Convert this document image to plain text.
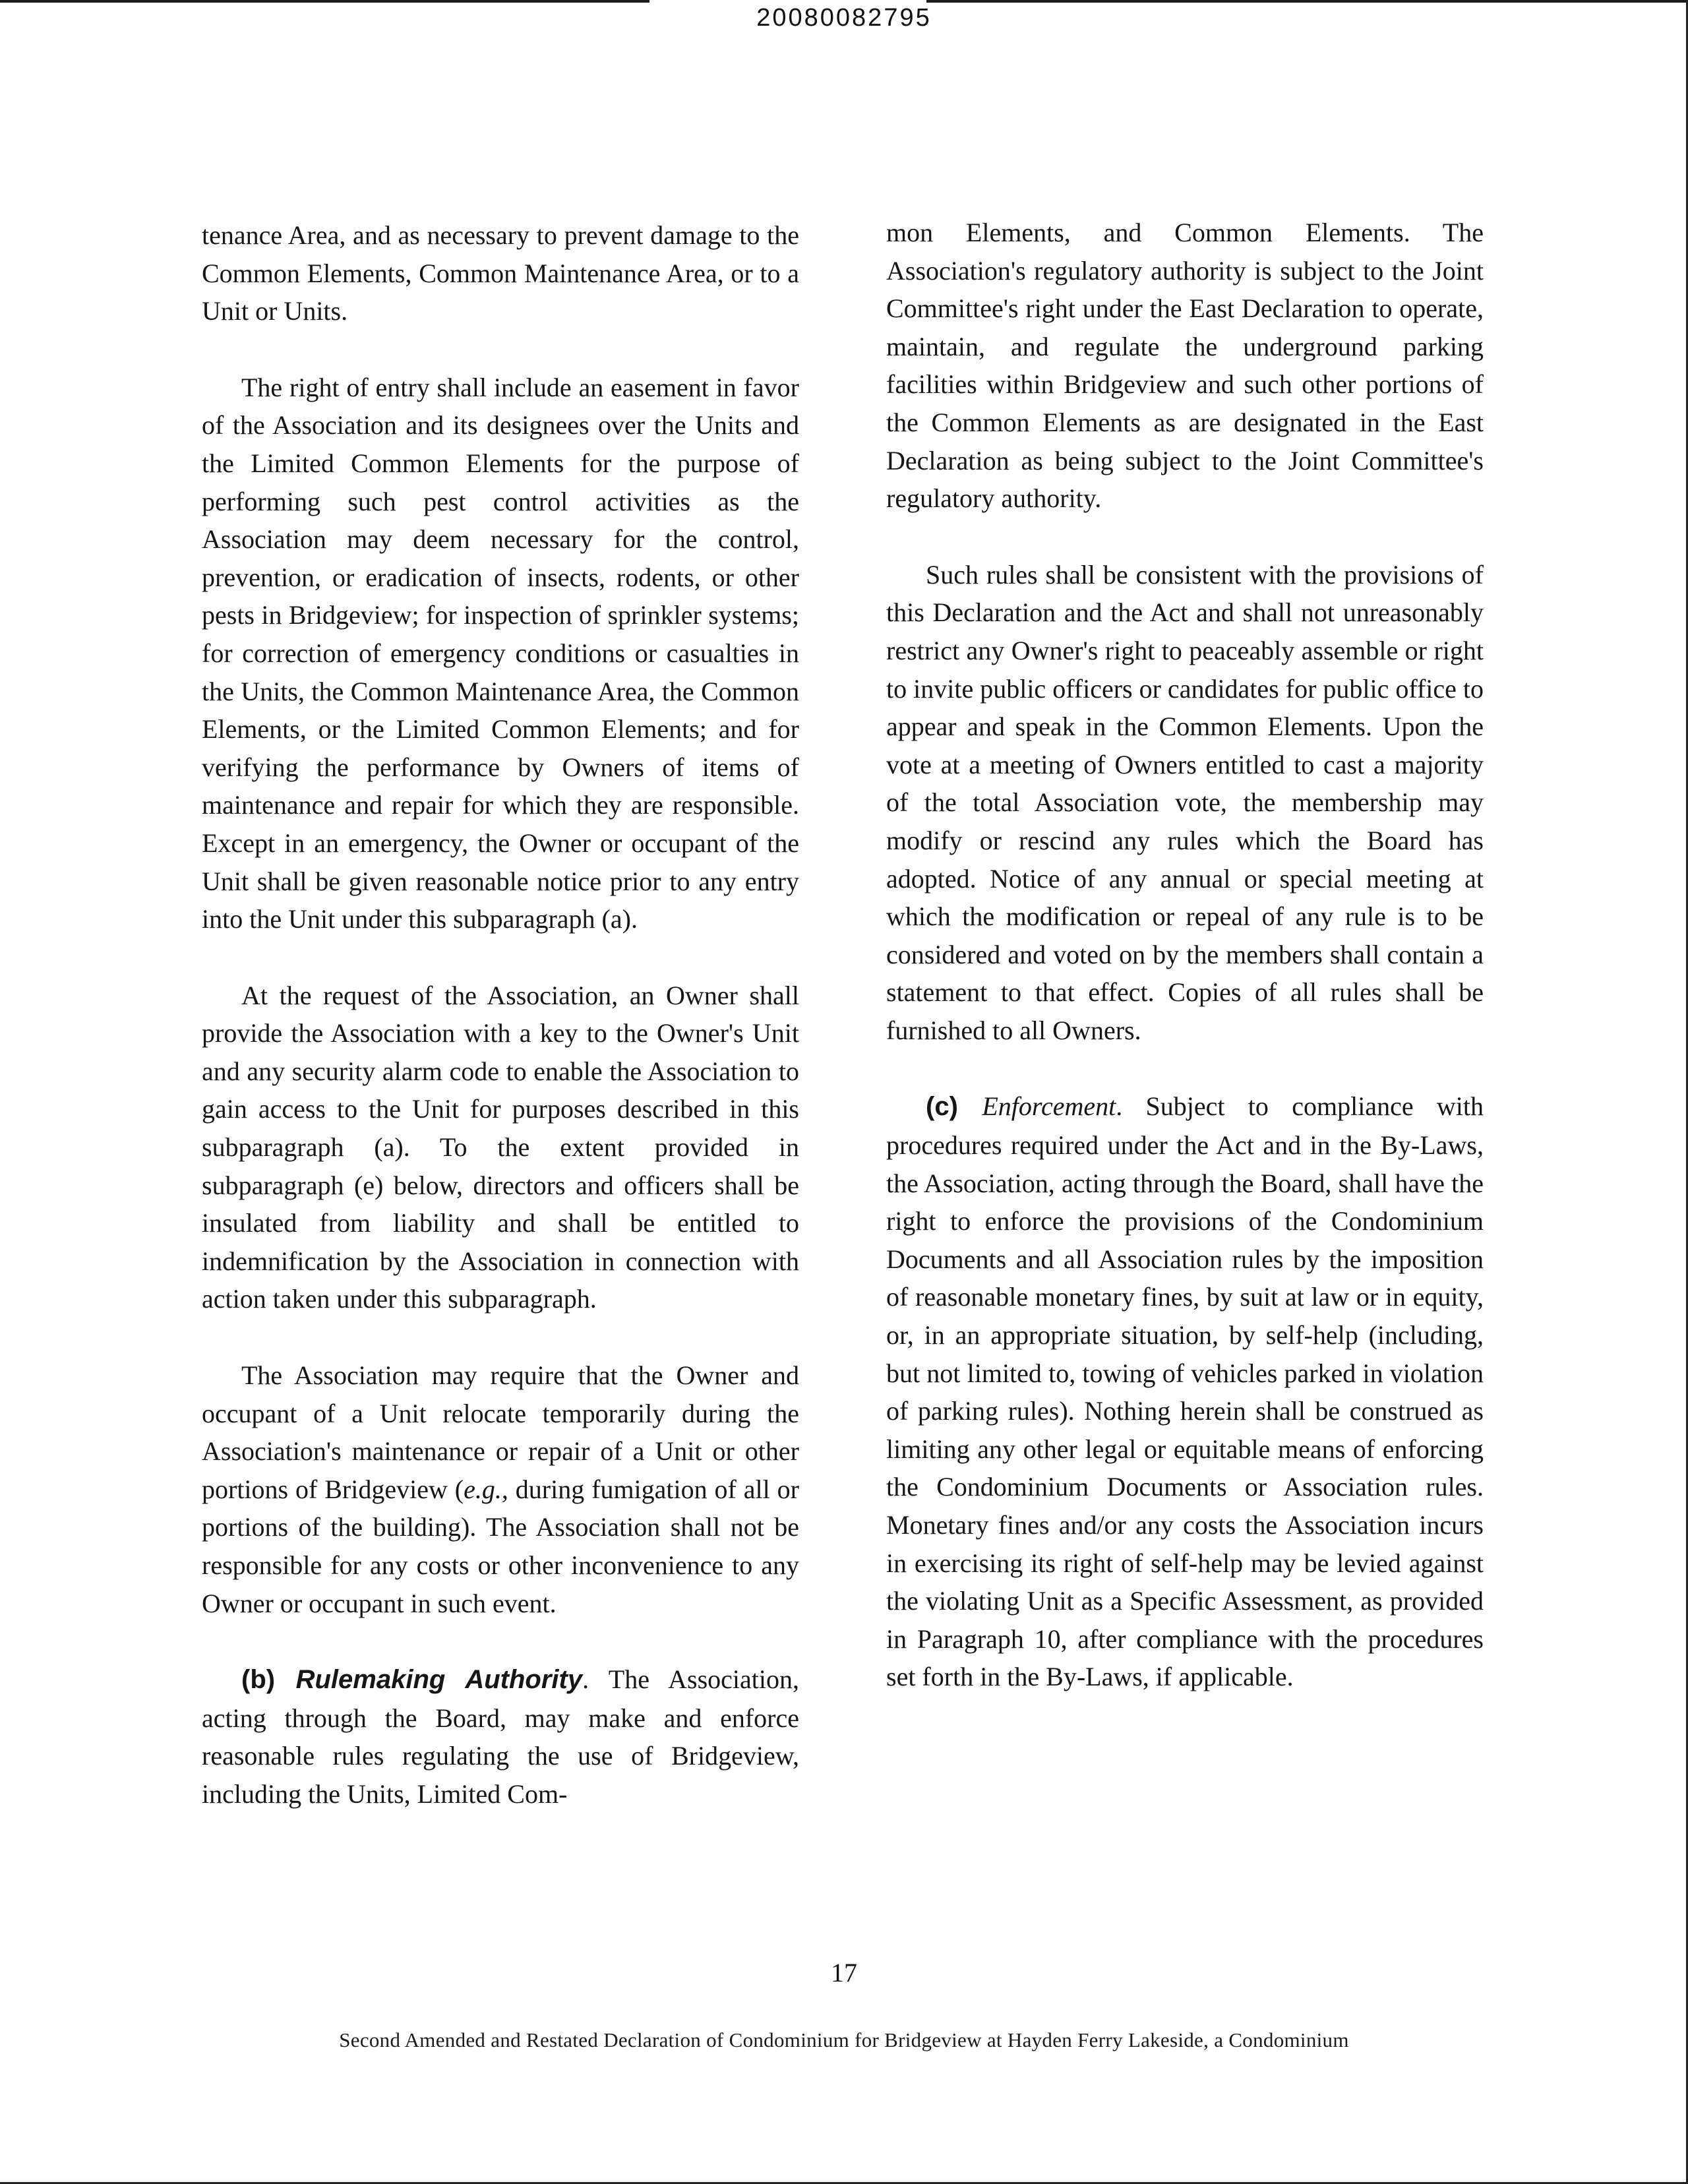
20080082795

tenance Area, and as necessary to prevent damage to the Common Elements, Common Maintenance Area, or to a Unit or Units.

The right of entry shall include an easement in favor of the Association and its designees over the Units and the Limited Common Elements for the purpose of performing such pest control activities as the Association may deem necessary for the control, prevention, or eradication of insects, rodents, or other pests in Bridgeview; for inspection of sprinkler systems; for correction of emergency conditions or casualties in the Units, the Common Maintenance Area, the Common Elements, or the Limited Common Elements; and for verifying the performance by Owners of items of maintenance and repair for which they are responsible. Except in an emergency, the Owner or occupant of the Unit shall be given reasonable notice prior to any entry into the Unit under this subparagraph (a).

At the request of the Association, an Owner shall provide the Association with a key to the Owner's Unit and any security alarm code to enable the Association to gain access to the Unit for purposes described in this subparagraph (a). To the extent provided in subparagraph (e) below, directors and officers shall be insulated from liability and shall be entitled to indemnification by the Association in connection with action taken under this subparagraph.

The Association may require that the Owner and occupant of a Unit relocate temporarily during the Association's maintenance or repair of a Unit or other portions of Bridgeview (e.g., during fumigation of all or portions of the building). The Association shall not be responsible for any costs or other inconvenience to any Owner or occupant in such event.

(b) Rulemaking Authority. The Association, acting through the Board, may make and enforce reasonable rules regulating the use of Bridgeview, including the Units, Limited Com-

mon Elements, and Common Elements. The Association's regulatory authority is subject to the Joint Committee's right under the East Declaration to operate, maintain, and regulate the underground parking facilities within Bridgeview and such other portions of the Common Elements as are designated in the East Declaration as being subject to the Joint Committee's regulatory authority.

Such rules shall be consistent with the provisions of this Declaration and the Act and shall not unreasonably restrict any Owner's right to peaceably assemble or right to invite public officers or candidates for public office to appear and speak in the Common Elements. Upon the vote at a meeting of Owners entitled to cast a majority of the total Association vote, the membership may modify or rescind any rules which the Board has adopted. Notice of any annual or special meeting at which the modification or repeal of any rule is to be considered and voted on by the members shall contain a statement to that effect. Copies of all rules shall be furnished to all Owners.

(c) Enforcement. Subject to compliance with procedures required under the Act and in the By-Laws, the Association, acting through the Board, shall have the right to enforce the provisions of the Condominium Documents and all Association rules by the imposition of reasonable monetary fines, by suit at law or in equity, or, in an appropriate situation, by self-help (including, but not limited to, towing of vehicles parked in violation of parking rules). Nothing herein shall be construed as limiting any other legal or equitable means of enforcing the Condominium Documents or Association rules. Monetary fines and/or any costs the Association incurs in exercising its right of self-help may be levied against the violating Unit as a Specific Assessment, as provided in Paragraph 10, after compliance with the procedures set forth in the By-Laws, if applicable.

17
Second Amended and Restated Declaration of Condominium for Bridgeview at Hayden Ferry Lakeside, a Condominium
